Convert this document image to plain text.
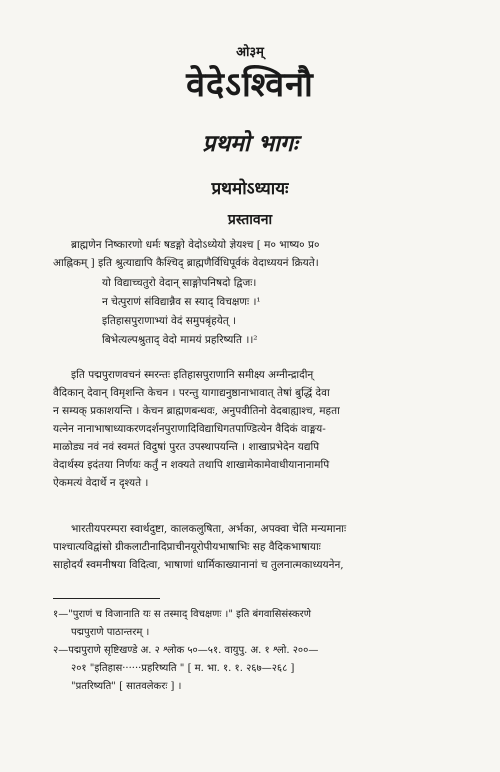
ओ३म्
वेदेऽश्विनौ
प्रथमो भागः
प्रथमोऽध्यायः
प्रस्तावना
ब्राह्मणेन निष्कारणो धर्मः षडङ्गो वेदोऽध्येयो ज्ञेयश्च [ म० भाष्य० प्र०
आह्निकम् ] इति श्रुत्याद्यापि कैश्चिद् ब्राह्मणैर्विधिपूर्वकं वेदाध्ययनं क्रियते।
यो विद्याच्चतुरो वेदान् साङ्गोपनिषदो द्विजः।
न चेत्पुराणं संविद्यान्नैव स स्याद् विचक्षणः ।¹
इतिहासपुराणाभ्यां वेदं समुपबृंहयेत् ।
बिभेत्यल्पश्रुताद् वेदो मामयं प्रहरिष्यति ।।²
इति पद्मपुराणवचनं स्मरन्तः इतिहासपुराणानि समीक्ष्य अग्नीन्द्रादीन्
वैदिकान् देवान् विमृशन्ति केचन । परन्तु यागाद्यनुष्ठानाभावात् तेषां बुद्धिं देवा
न सम्यक् प्रकाशयन्ति । केचन ब्राह्मणबन्धवः, अनुपवीतिनो वेदबाह्याश्च, महता
यत्नेन नानाभाषाध्याकरणदर्शनपुराणादिविद्याधिगतपाण्डित्येन वैदिकं वाङ्मय-
माळोड्य नवं नवं स्वमतं विदुषां पुरत उपस्थापयन्ति । शाखाप्रभेदेन यद्यपि
वेदार्थस्य इदंतया निर्णयः कर्तुं न शक्यते तथापि शाखामेकामेवाधीयानानामपि
ऐकमत्यं वेदार्थे न दृश्यते ।
भारतीयपरम्परा स्वार्थदुष्टा, कालकलुषिता, अर्भका, अपक्वा चेति मन्यमानाः
पाश्चात्यविद्वांसो ग्रीकलाटीनादिप्राचीनयूरोपीयभाषाभिः सह वैदिकभाषायाः
साहोदर्यं स्वमनीषया विदित्वा, भाषाणां धार्मिकाख्यानानां च तुलनात्मकाध्ययनेन,
१—"पुराणं च विजानाति यः स तस्माद् विचक्षणः ।" इति बंगवासिसंस्करणे
पद्मपुराणे पाठान्तरम् ।
२—पद्मपुराणे सृष्टिखण्डे अ. २ श्लोक ५०—५१. वायुपु. अ. १ श्लो. २००—
२०१ "इतिहास······प्रहरिष्यति " [ म. भा. १. १. २६७—२६८ ]
"प्रतरिष्यति" [ सातवलेकरः ] ।
